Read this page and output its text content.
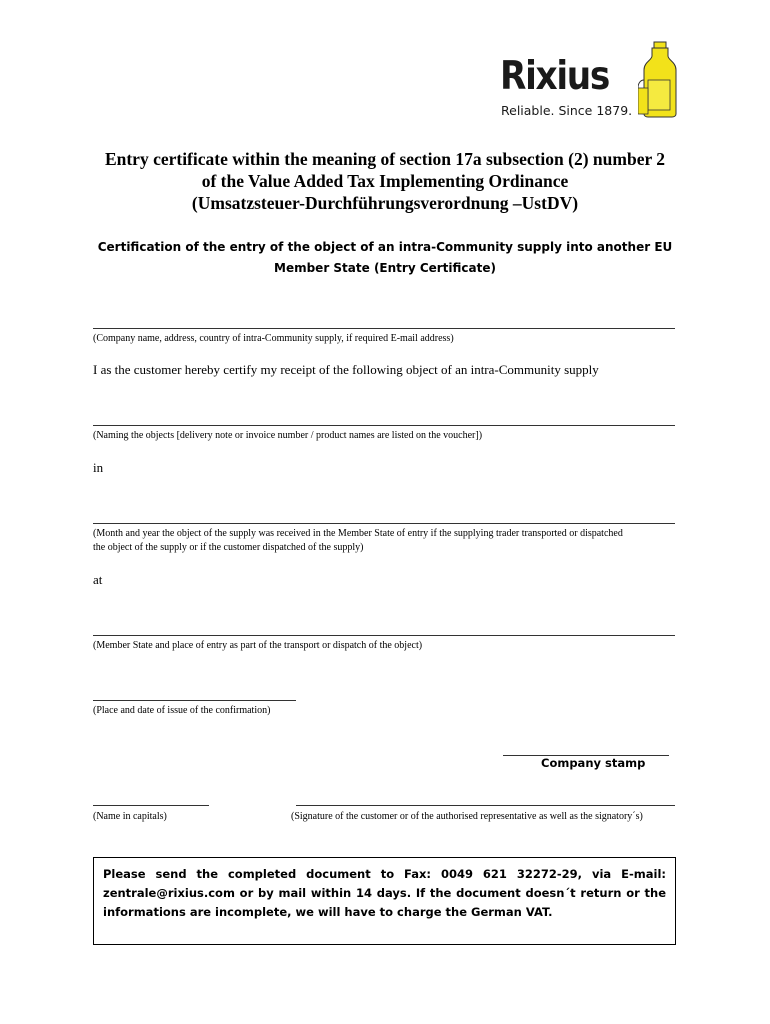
Rixius
Reliable. Since 1879.
Entry certificate within the meaning of section 17a subsection (2) number 2
of the Value Added Tax Implementing Ordinance
(Umsatzsteuer-Durchführungsverordnung –UstDV)
Certification of the entry of the object of an intra-Community supply into another EU
Member State (Entry Certificate)
(Company name, address, country of intra-Community supply, if required E-mail address)
I as the customer hereby certify my receipt of the following object of an intra-Community supply
(Naming the objects [delivery note or invoice number / product names are listed on the voucher])
in
(Month and year the object of the supply was received in the Member State of entry if the supplying trader transported or dispatched
the object of the supply or if the customer dispatched of the supply)
at
(Member State and place of entry as part of the transport or dispatch of the object)
(Place and date of issue of the confirmation)
Company stamp
(Name in capitals)	(Signature of the customer or of the authorised representative as well as the signatory´s)
Please send the completed document to Fax: 0049 621 32272-29, via E-mail: zentrale@rixius.com or by mail within 14 days. If the document doesn´t return or the informations are incomplete, we will have to charge the German VAT.
